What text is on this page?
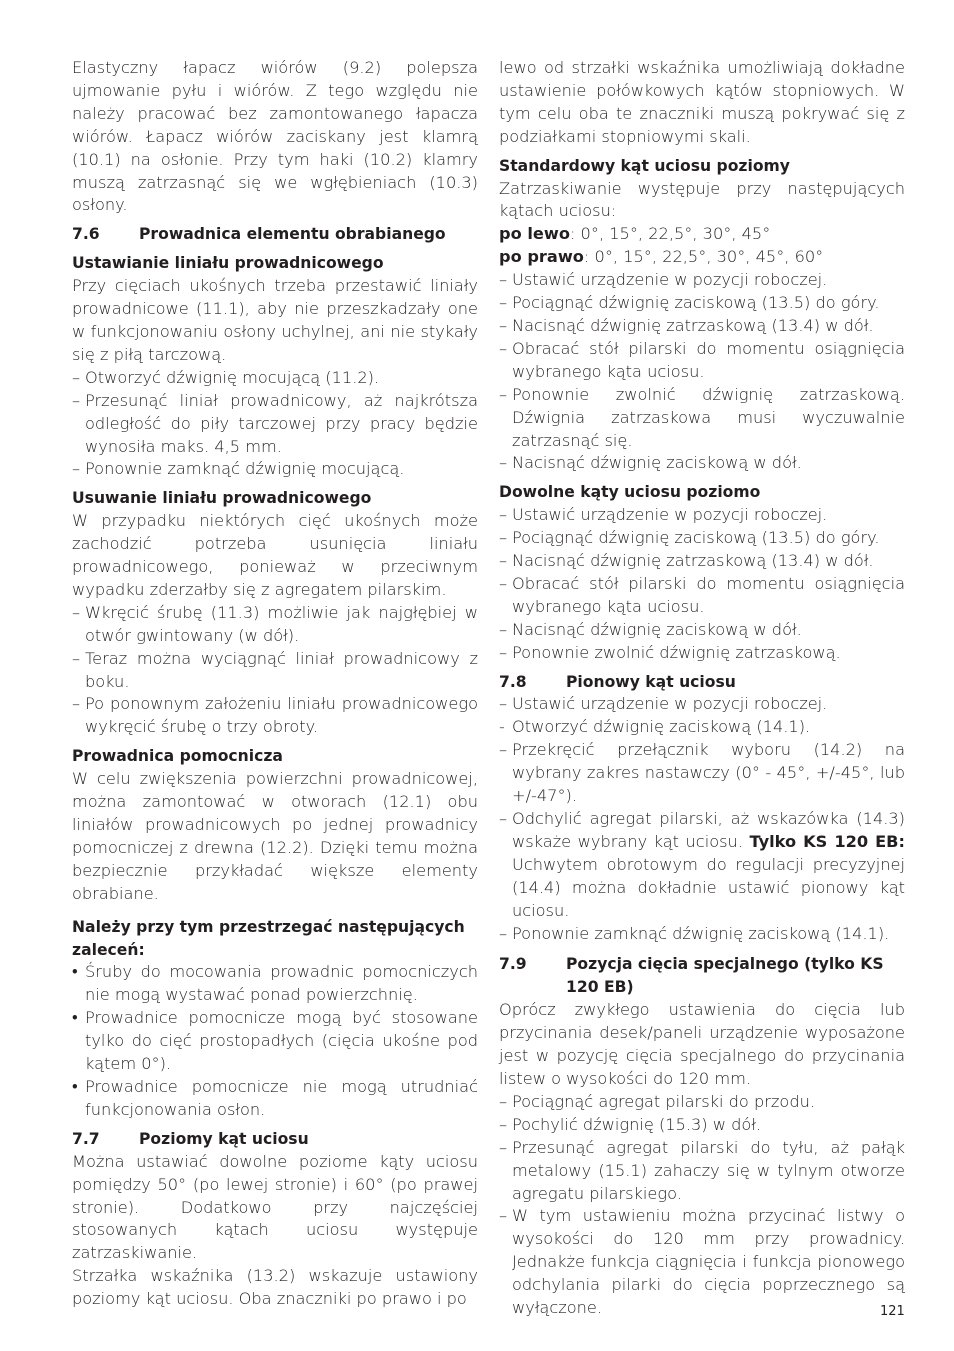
Elastyczny łapacz wiórów (9.2) polepsza ujmowanie pyłu i wiórów. Z tego względu nie należy pracować bez zamontowanego łapacza wiórów. Łapacz wiórów zaciskany jest klamrą (10.1) na osłonie. Przy tym haki (10.2) klamry muszą zatrzasnąć się we wgłębieniach (10.3) osłony.

7.6	Prowadnica elementu obrabianego
Ustawianie liniału prowadnicowego

Przy cięciach ukośnych trzeba przestawić liniały prowadnicowe (11.1), aby nie przeszkadzały one w funkcjonowaniu osłony uchylnej, ani nie stykały się z piłą tarczową.

– Otworzyć dźwignię mocującą (11.2).
– Przesunąć liniał prowadnicowy, aż najkrótsza odległość do piły tarczowej przy pracy będzie wynosiła maks. 4,5 mm.
– Ponownie zamknąć dźwignię mocującą.
Usuwanie liniału prowadnicowego

W przypadku niektórych cięć ukośnych może zachodzić potrzeba usunięcia liniału prowadnicowego, ponieważ w przeciwnym wypadku zderzałby się z agregatem pilarskim.

– Wkręcić śrubę (11.3) możliwie jak najgłębiej w otwór gwintowany (w dół).
– Teraz można wyciągnąć liniał prowadnicowy z boku.
– Po ponownym założeniu liniału prowadnicowego wykręcić śrubę o trzy obroty.
Prowadnica pomocnicza

W celu zwiększenia powierzchni prowadnicowej, można zamontować w otworach (12.1) obu liniałów prowadnicowych po jednej prowadnicy pomocniczej z drewna (12.2). Dzięki temu można bezpiecznie przykładać większe elementy obrabiane.

Należy przy tym przestrzegać następujących zaleceń:
• Śruby do mocowania prowadnic pomocniczych nie mogą wystawać ponad powierzchnię.
• Prowadnice pomocnicze mogą być stosowane tylko do cięć prostopadłych (cięcia ukośne pod kątem 0°).
• Prowadnice pomocnicze nie mogą utrudniać funkcjonowania osłon.
7.7	Poziomy kąt uciosu

Można ustawiać dowolne poziome kąty uciosu pomiędzy 50° (po lewej stronie) i 60° (po prawej stronie). Dodatkowo przy najczęściej stosowanych kątach uciosu występuje zatrzaskiwanie.

Strzałka wskaźnika (13.2) wskazuje ustawiony poziomy kąt uciosu. Oba znaczniki po prawo i po

lewo od strzałki wskaźnika umożliwiają dokładne ustawienie połówkowych kątów stopniowych. W tym celu oba te znaczniki muszą pokrywać się z podziałkami stopniowymi skali.

Standardowy kąt uciosu poziomy

Zatrzaskiwanie występuje przy następujących kątach uciosu:

po lewo: 0°, 15°, 22,5°, 30°, 45°

po prawo: 0°, 15°, 22,5°, 30°, 45°, 60°

– Ustawić urządzenie w pozycji roboczej.
– Pociągnąć dźwignię zaciskową (13.5) do góry.
– Nacisnąć dźwignię zatrzaskową (13.4) w dół.
– Obracać stół pilarski do momentu osiągnięcia wybranego kąta uciosu.
– Ponownie zwolnić dźwignię zatrzaskową. Dźwignia zatrzaskowa musi wyczuwalnie zatrzasnąć się.
– Nacisnąć dźwignię zaciskową w dół.
Dowolne kąty uciosu poziomo
– Ustawić urządzenie w pozycji roboczej.
– Pociągnąć dźwignię zaciskową (13.5) do góry.
– Nacisnąć dźwignię zatrzaskową (13.4) w dół.
– Obracać stół pilarski do momentu osiągnięcia wybranego kąta uciosu.
– Nacisnąć dźwignię zaciskową w dół.
– Ponownie zwolnić dźwignię zatrzaskową.
7.8	Pionowy kąt uciosu
– Ustawić urządzenie w pozycji roboczej.
- Otworzyć dźwignię zaciskową (14.1).
– Przekręcić przełącznik wyboru (14.2) na wybrany zakres nastawczy (0° - 45°, +/-45°, lub +/-47°).
– Odchylić agregat pilarski, aż wskazówka (14.3) wskaże wybrany kąt uciosu. Tylko KS 120 EB: Uchwytem obrotowym do regulacji precyzyjnej (14.4) można dokładnie ustawić pionowy kąt uciosu.
– Ponownie zamknąć dźwignię zaciskową (14.1).
7.9	Pozycja cięcia specjalnego (tylko KS 120 EB)

Oprócz zwykłego ustawienia do cięcia lub przycinania desek/paneli urządzenie wyposażone jest w pozycję cięcia specjalnego do przycinania listew o wysokości do 120 mm.

– Pociągnąć agregat pilarski do przodu.
– Pochylić dźwignię (15.3) w dół.
– Przesunąć agregat pilarski do tyłu, aż pałąk metalowy (15.1) zahaczy się w tylnym otworze agregatu pilarskiego.
– W tym ustawieniu można przycinać listwy o wysokości do 120 mm przy prowadnicy. Jednakże funkcja ciągnięcia i funkcja pionowego odchylania pilarki do cięcia poprzecznego są wyłączone.	121
